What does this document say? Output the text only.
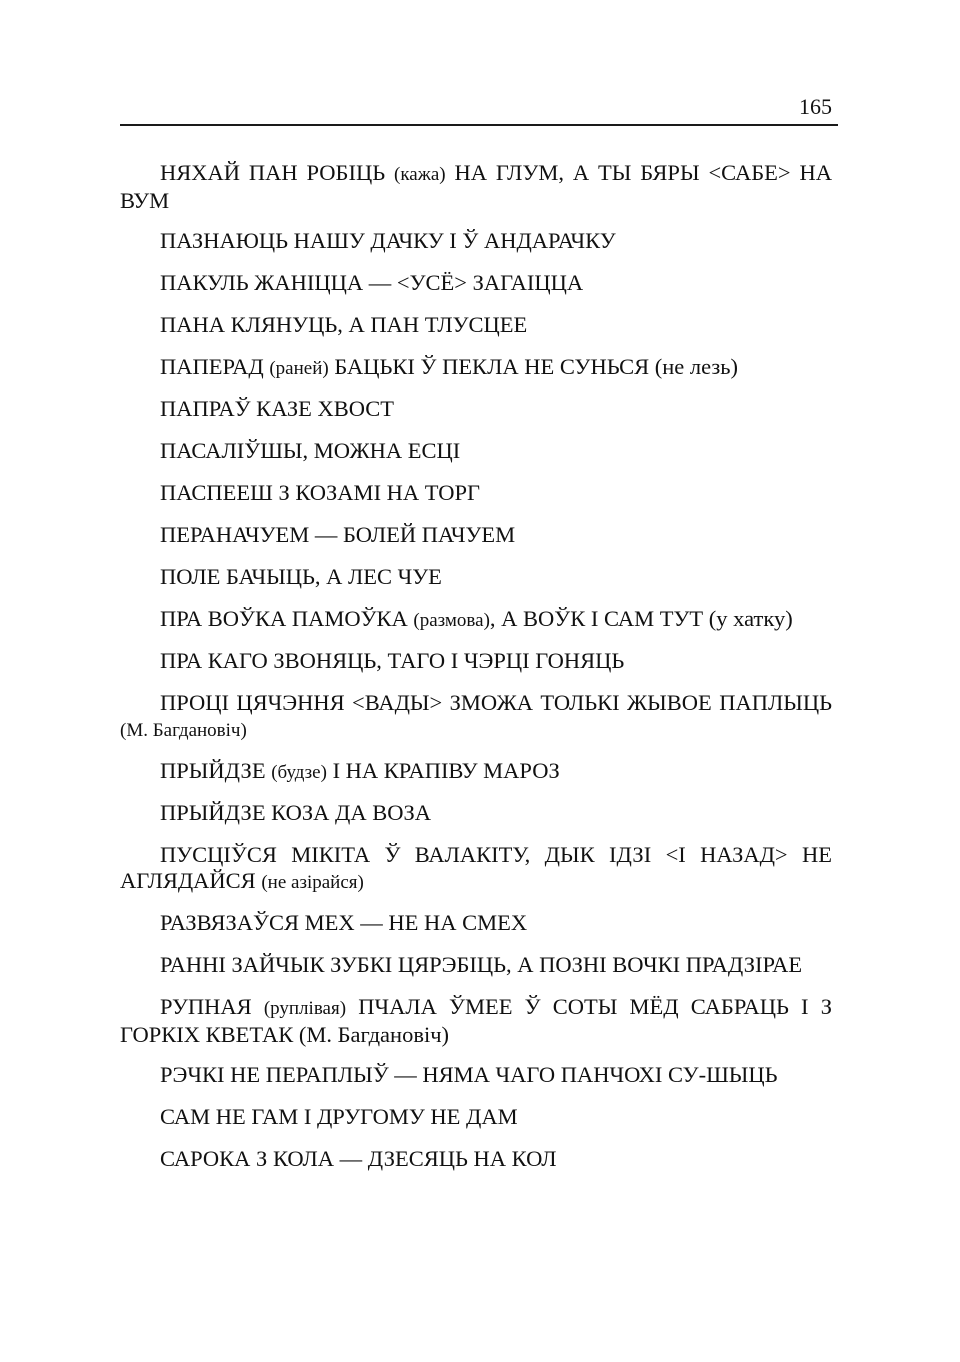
165
НЯХАЙ ПАН РОБІЦЬ (кажа) НА ГЛУМ, А ТЫ БЯРЫ <САБЕ> НА ВУМ
ПАЗНАЮЦЬ НАШУ ДАЧКУ І Ў АНДАРАЧКУ
ПАКУЛЬ ЖАНІЦЦА — <УСЁ> ЗАГАІЦЦА
ПАНА КЛЯНУЦЬ, А ПАН ТЛУСЦЕЕ
ПАПЕРАД (раней) БАЦЬКІ Ў ПЕКЛА НЕ СУНЬСЯ (не лезь)
ПАПРАЎ КАЗЕ ХВОСТ
ПАСАЛІЎШЫ, МОЖНА ЕСЦІ
ПАСПЕЕШ З КОЗАМІ НА ТОРГ
ПЕРАНАЧУЕМ — БОЛЕЙ ПАЧУЕМ
ПОЛЕ БАЧЫЦЬ, А ЛЕС ЧУЕ
ПРА ВОЎКА ПАМОЎКА (размова), А ВОЎК І САМ ТУТ (у хатку)
ПРА КАГО ЗВОНЯЦЬ, ТАГО І ЧЭРЦІ ГОНЯЦЬ
ПРОЦІ ЦЯЧЭННЯ <ВАДЫ> ЗМОЖА ТОЛЬКІ ЖЫВОЕ ПАПЛЫЦЬ (М. Багдановіч)
ПРЫЙДЗЕ (будзе) І НА КРАПІВУ МАРОЗ
ПРЫЙДЗЕ КОЗА ДА ВОЗА
ПУСЦІЎСЯ МІКІТА Ў ВАЛАКІТУ, ДЫК ІДЗІ <І НАЗАД> НЕ АГЛЯДАЙСЯ (не азірайся)
РАЗВЯЗАЎСЯ МЕХ — НЕ НА СМЕХ
РАННІ ЗАЙЧЫК ЗУБКІ ЦЯРЭБІЦЬ, А ПОЗНІ ВОЧКІ ПРАДЗІРАЕ
РУПНАЯ (руплівая) ПЧАЛА ЎМЕЕ Ў СОТЫ МЁД САБРАЦЬ І З ГОРКІХ КВЕТАК (М. Багдановіч)
РЭЧКІ НЕ ПЕРАПЛЫЎ — НЯМА ЧАГО ПАНЧОХІ СУ-ШЫЦЬ
САМ НЕ ГАМ І ДРУГОМУ НЕ ДАМ
САРОКА З КОЛА — ДЗЕСЯЦЬ НА КОЛ
